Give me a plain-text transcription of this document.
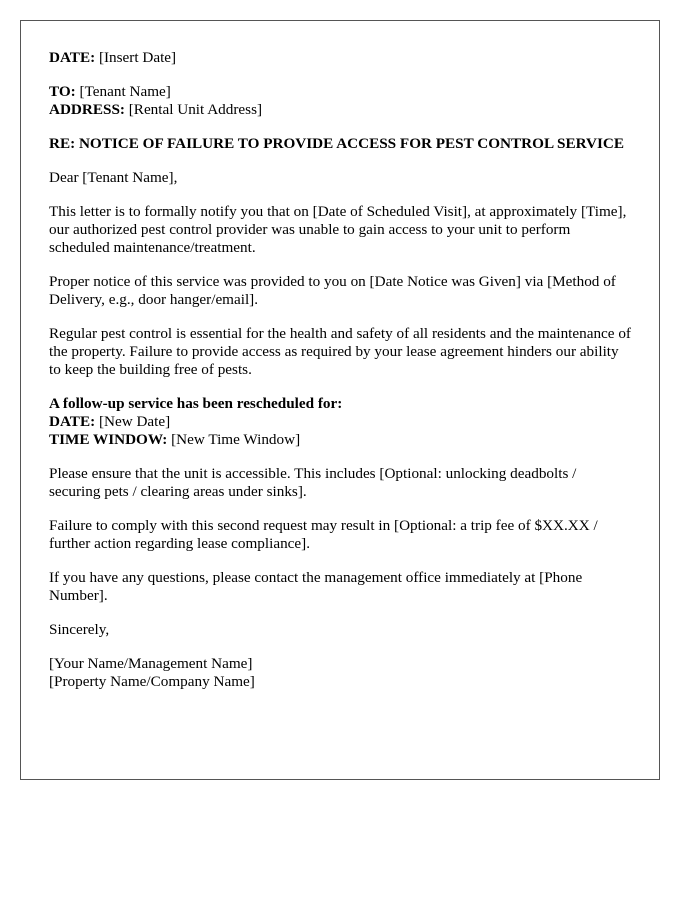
DATE: [Insert Date]
TO: [Tenant Name]
ADDRESS: [Rental Unit Address]
RE: NOTICE OF FAILURE TO PROVIDE ACCESS FOR PEST CONTROL SERVICE
Dear [Tenant Name],
This letter is to formally notify you that on [Date of Scheduled Visit], at approximately [Time], our authorized pest control provider was unable to gain access to your unit to perform scheduled maintenance/treatment.
Proper notice of this service was provided to you on [Date Notice was Given] via [Method of Delivery, e.g., door hanger/email].
Regular pest control is essential for the health and safety of all residents and the maintenance of the property. Failure to provide access as required by your lease agreement hinders our ability to keep the building free of pests.
A follow-up service has been rescheduled for:
DATE: [New Date]
TIME WINDOW: [New Time Window]
Please ensure that the unit is accessible. This includes [Optional: unlocking deadbolts / securing pets / clearing areas under sinks].
Failure to comply with this second request may result in [Optional: a trip fee of $XX.XX / further action regarding lease compliance].
If you have any questions, please contact the management office immediately at [Phone Number].
Sincerely,
[Your Name/Management Name]
[Property Name/Company Name]
